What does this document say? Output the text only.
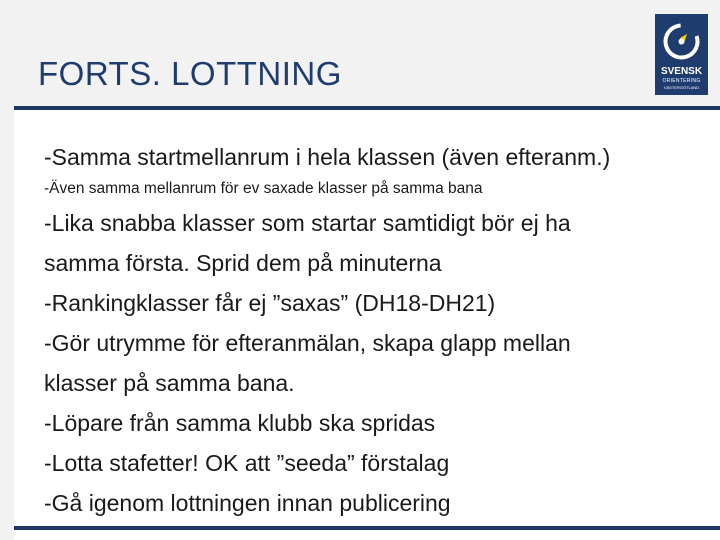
FORTS. LOTTNING	SVENSK
ORIENTERING
VÄSTERGÖTLAND
-Samma startmellanrum i hela klassen (även efteranm.)
-Även samma mellanrum för ev saxade klasser på samma bana
-Lika snabba klasser som startar samtidigt bör ej ha
samma första. Sprid dem på minuterna
-Rankingklasser får ej ”saxas” (DH18-DH21)
-Gör utrymme för efteranmälan, skapa glapp mellan
klasser på samma bana.
-Löpare från samma klubb ska spridas
-Lotta stafetter! OK att ”seeda” förstalag
-Gå igenom lottningen innan publicering
